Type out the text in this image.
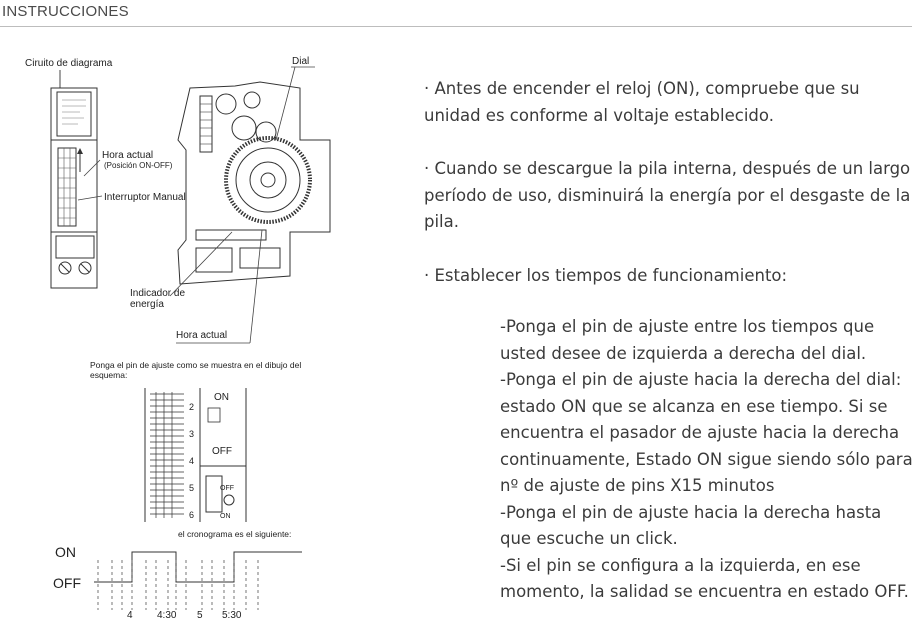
INSTRUCCIONES
Ciruito de diagrama
Hora actual
(Posición ON-OFF)
Interruptor Manual
Dial
Indicador de
energía
Hora actual
Ponga el pin de ajuste como se muestra en el dibujo del
esquema:
2
3
4
5
6
ON
OFF
OFF
ON
el cronograma es el siguiente:
ON
OFF
4 4:30 5 5:30

· Antes de encender el reloj (ON), compruebe que su unidad es conforme al voltaje establecido.

· Cuando se descargue la pila interna, después de un largo período de uso, disminuirá la energía por el desgaste de la pila.

· Establecer los tiempos de funcionamiento:

-Ponga el pin de ajuste entre los tiempos que usted desee de izquierda a derecha del dial.

-Ponga el pin de ajuste hacia la derecha del dial: estado ON que se alcanza en ese tiempo. Si se encuentra el pasador de ajuste hacia la derecha continuamente, Estado ON sigue siendo sólo para nº de ajuste de pins X15 minutos

-Ponga el pin de ajuste hacia la derecha hasta que escuche un click.

-Si el pin se configura a la izquierda, en ese momento, la salidad se encuentra en estado OFF.
